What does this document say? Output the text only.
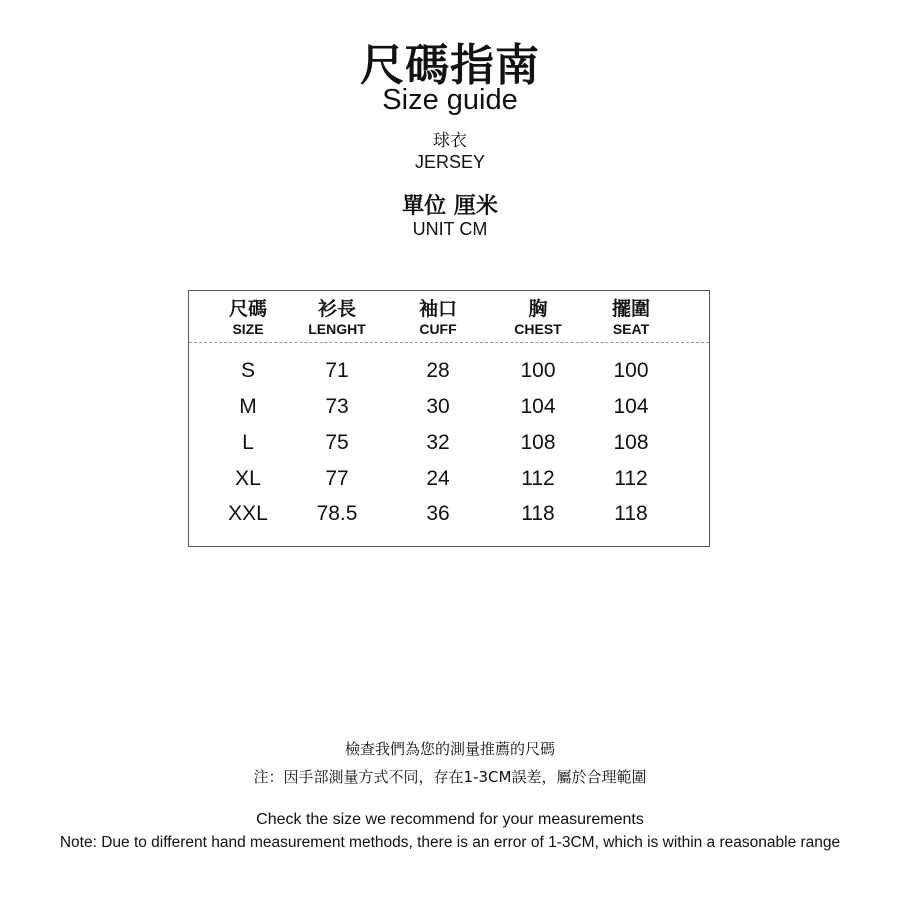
尺碼指南
Size guide
球衣
JERSEY
單位 厘米
UNIT CM
尺碼
SIZE
S
M
L
XL
XXL
衫長
LENGHT
71
73
75
77
78.5
袖口
CUFF
28
30
32
24
36
胸
CHEST
100
104
108
112
118
擺圍
SEAT
100
104
108
112
118
檢查我們為您的測量推薦的尺碼
注：因手部測量方式不同，存在1-3CM誤差，屬於合理範圍
Check the size we recommend for your measurements
Note: Due to different hand measurement methods, there is an error of 1-3CM, which is within a reasonable range
